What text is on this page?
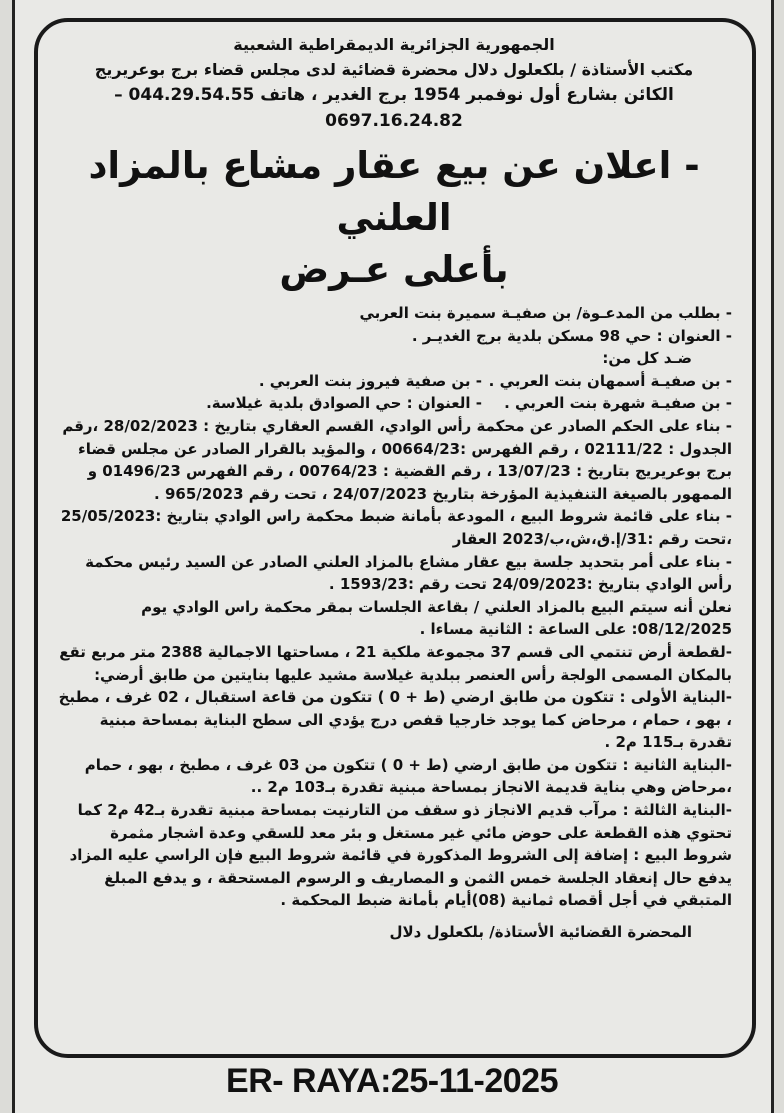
الجمهورية الجزائرية الديمقراطية الشعبية

مكتب الأستاذة / بلكعلول دلال محضرة قضائية لدى مجلس قضاء برج بوعريريج

الكائن بشارع أول نوفمبر 1954 برج الغدير ، هاتف 044.29.54.55 – 0697.16.24.82

- اعلان عن بيع عقار مشاع بالمزاد العلني

بأعلى عـرض

- بطلب من المدعـوة/ بن صفيـة سميرة بنت العربي

- العنوان : حي 98 مسكن بلدية برج الغديـر .

ضـد كل من:

- بن صفيـة أسمهان بنت العربي .
- بن صفية فيروز بنت العربي .

- بن صفيـة شهرة بنت العربي .
- العنوان : حي الصوادق بلدية غيلاسة.

- بناء على الحكم الصادر عن محكمة رأس الوادي، القسم العقاري بتاريخ : 28/02/2023 ،رقم الجدول : 02111/22 ، رقم الفهرس :00664/23 ، والمؤيد بالقرار الصادر عن مجلس قضاء برج بوعريريج بتاريخ : 13/07/23 ، رقم القضية : 00764/23 ، رقم الفهرس 01496/23 و الممهور بالصيغة التنفيذية المؤرخة بتاريخ 24/07/2023 ، تحت رقم 965/2023 .

- بناء على قائمة شروط البيع ، المودعة بأمانة ضبط محكمة راس الوادي بتاريخ :25/05/2023 ،تحت رقم :31/إ.ق،ش،ب/2023 العقار

- بناء على أمر بتحديد جلسة بيع عقار مشاع بالمزاد العلني الصادر عن السيد رئيس محكمة رأس الوادي بتاريخ :24/09/2023 تحت رقم :1593/23 .

نعلن أنه سيتم البيع بالمزاد العلني / بقاعة الجلسات بمقر محكمة راس الوادي يوم 08/12/2025: على الساعة : الثانية مساءا .

-لقطعة أرض تنتمي الى قسم 37 مجموعة ملكية 21 ، مساحتها الاجمالية 2388 متر مربع تقع بالمكان المسمى الولجة رأس العنصر ببلدية غيلاسة مشيد عليها بنايتين من طابق أرضي:

-البناية الأولى : تتكون من طابق ارضي (ط + 0 ) تتكون من قاعة استقبال ، 02 غرف ، مطبخ ، بهو ، حمام ، مرحاض كما يوجد خارجيا قفص درج يؤدي الى سطح البناية بمساحة مبنية تقدرة بـ115 م2 .

-البناية الثانية : تتكون من طابق ارضي (ط + 0 ) تتكون من 03 غرف ، مطبخ ، بهو ، حمام ،مرحاض وهي بناية قديمة الانجاز بمساحة مبنية تقدرة بـ103 م2 ..

-البناية الثالثة : مرآب قديم الانجاز ذو سقف من التارنيت بمساحة مبنية تقدرة بـ42 م2 كما تحتوي هذه القطعة على حوض مائي غير مستغل و بئر معد للسقي وعدة اشجار مثمرة

شروط البيع : إضافة إلى الشروط المذكورة في قائمة شروط البيع فإن الراسي عليه المزاد يدفع حال إنعقاد الجلسة خمس الثمن و المصاريف و الرسوم المستحقة ، و يدفع المبلغ المتبقي في أجل أقصاه ثمانية (08)أيام بأمانة ضبط المحكمة .

المحضرة القضائية الأستاذة/ بلكعلول دلال

ER- RAYA:25-11-2025
